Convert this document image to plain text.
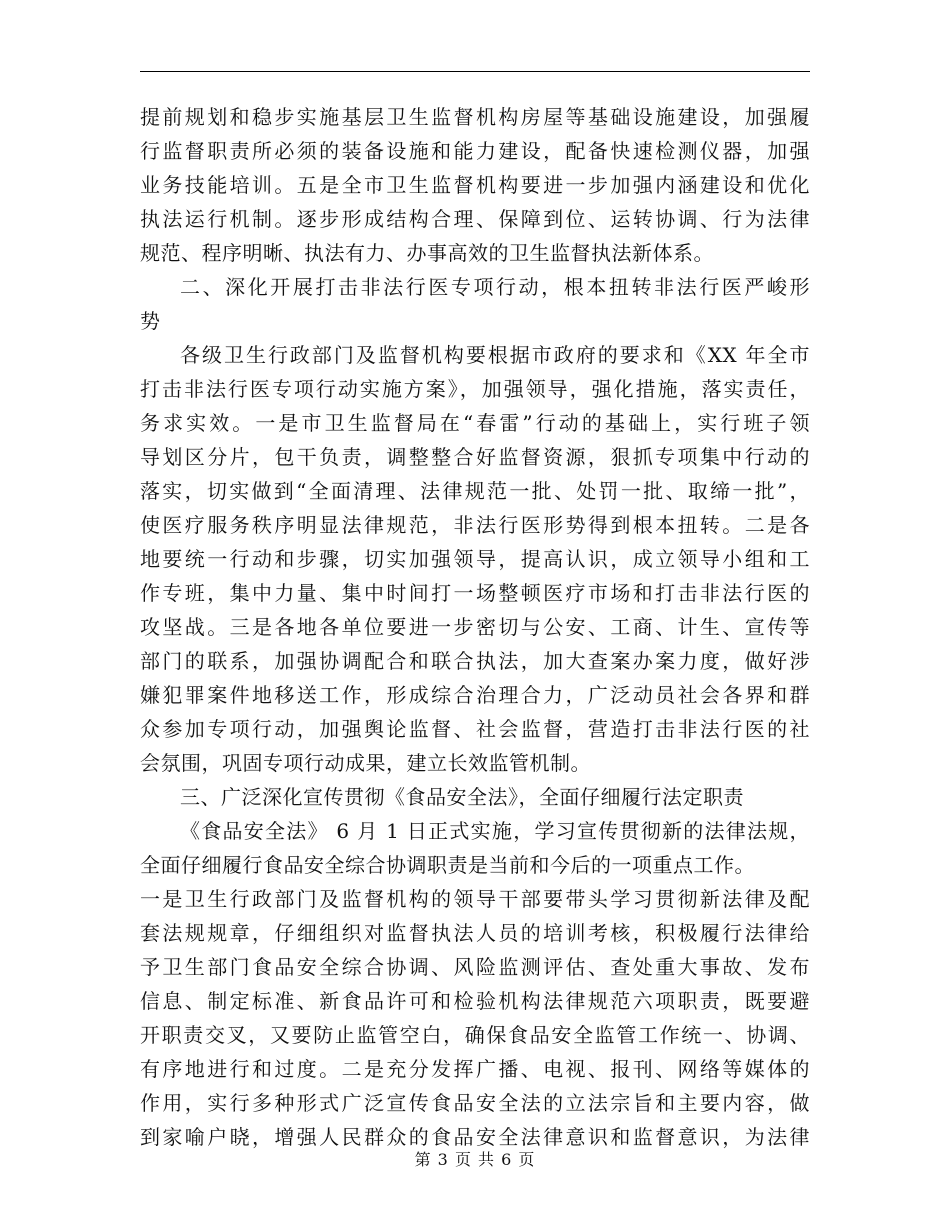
提前规划和稳步实施基层卫生监督机构房屋等基础设施建设，加强履
行监督职责所必须的装备设施和能力建设，配备快速检测仪器，加强
业务技能培训。五是全市卫生监督机构要进一步加强内涵建设和优化
执法运行机制。逐步形成结构合理、保障到位、运转协调、行为法律
规范、程序明晰、执法有力、办事高效的卫生监督执法新体系。
二、深化开展打击非法行医专项行动，根本扭转非法行医严峻形
势
各级卫生行政部门及监督机构要根据市政府的要求和《XX 年全市
打击非法行医专项行动实施方案》，加强领导，强化措施，落实责任，
务求实效。一是市卫生监督局在“春雷”行动的基础上，实行班子领
导划区分片，包干负责，调整整合好监督资源，狠抓专项集中行动的
落实，切实做到“全面清理、法律规范一批、处罚一批、取缔一批”，
使医疗服务秩序明显法律规范，非法行医形势得到根本扭转。二是各
地要统一行动和步骤，切实加强领导，提高认识，成立领导小组和工
作专班，集中力量、集中时间打一场整顿医疗市场和打击非法行医的
攻坚战。三是各地各单位要进一步密切与公安、工商、计生、宣传等
部门的联系，加强协调配合和联合执法，加大查案办案力度，做好涉
嫌犯罪案件地移送工作，形成综合治理合力，广泛动员社会各界和群
众参加专项行动，加强舆论监督、社会监督，营造打击非法行医的社
会氛围，巩固专项行动成果，建立长效监管机制。
三、广泛深化宣传贯彻《食品安全法》，全面仔细履行法定职责
《食品安全法》 6 月 1 日正式实施，学习宣传贯彻新的法律法规，
全面仔细履行食品安全综合协调职责是当前和今后的一项重点工作。
一是卫生行政部门及监督机构的领导干部要带头学习贯彻新法律及配
套法规规章，仔细组织对监督执法人员的培训考核，积极履行法律给
予卫生部门食品安全综合协调、风险监测评估、查处重大事故、发布
信息、制定标准、新食品许可和检验机构法律规范六项职责，既要避
开职责交叉，又要防止监管空白，确保食品安全监管工作统一、协调、
有序地进行和过度。二是充分发挥广播、电视、报刊、网络等媒体的
作用，实行多种形式广泛宣传食品安全法的立法宗旨和主要内容，做
到家喻户晓，增强人民群众的食品安全法律意识和监督意识，为法律
第 3 页 共 6 页
